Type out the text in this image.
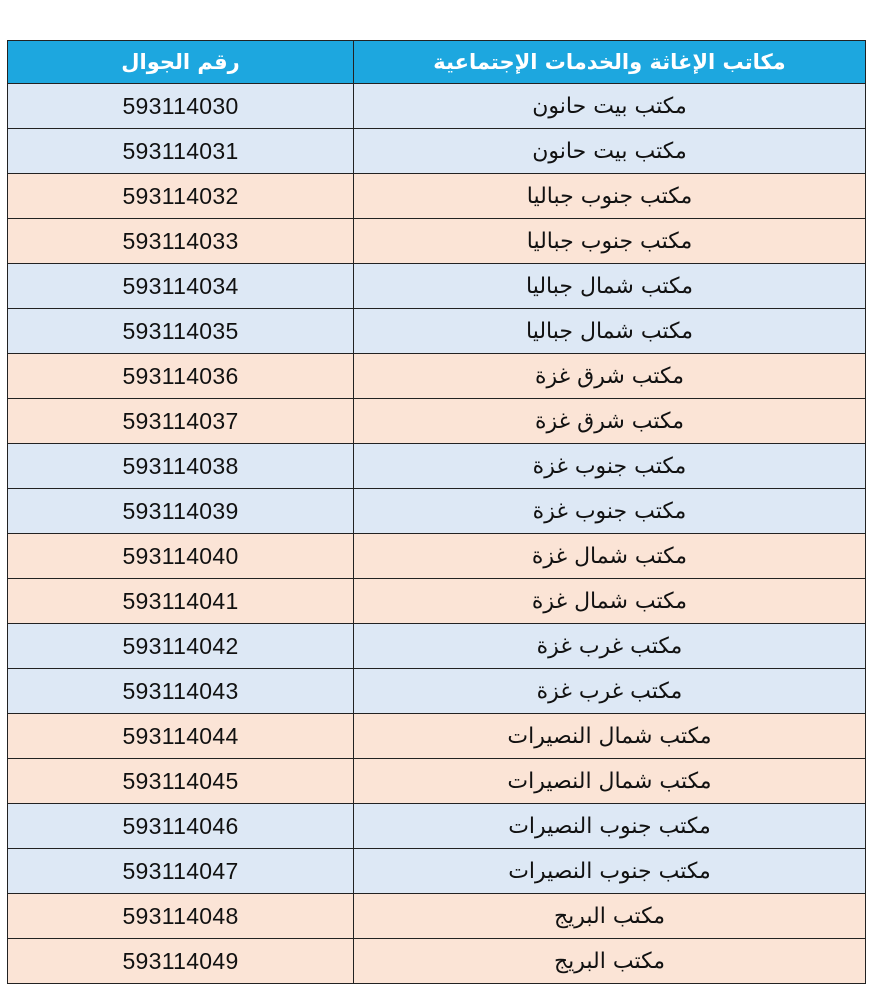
رقم الجوال	مكاتب الإغاثة والخدمات الإجتماعية
593114030	مكتب بيت حانون
593114031	مكتب بيت حانون
593114032	مكتب جنوب جباليا
593114033	مكتب جنوب جباليا
593114034	مكتب شمال جباليا
593114035	مكتب شمال جباليا
593114036	مكتب شرق غزة
593114037	مكتب شرق غزة
593114038	مكتب جنوب غزة
593114039	مكتب جنوب غزة
593114040	مكتب شمال غزة
593114041	مكتب شمال غزة
593114042	مكتب غرب غزة
593114043	مكتب غرب غزة
593114044	مكتب شمال النصيرات
593114045	مكتب شمال النصيرات
593114046	مكتب جنوب النصيرات
593114047	مكتب جنوب النصيرات
593114048	مكتب البريج
593114049	مكتب البريج
